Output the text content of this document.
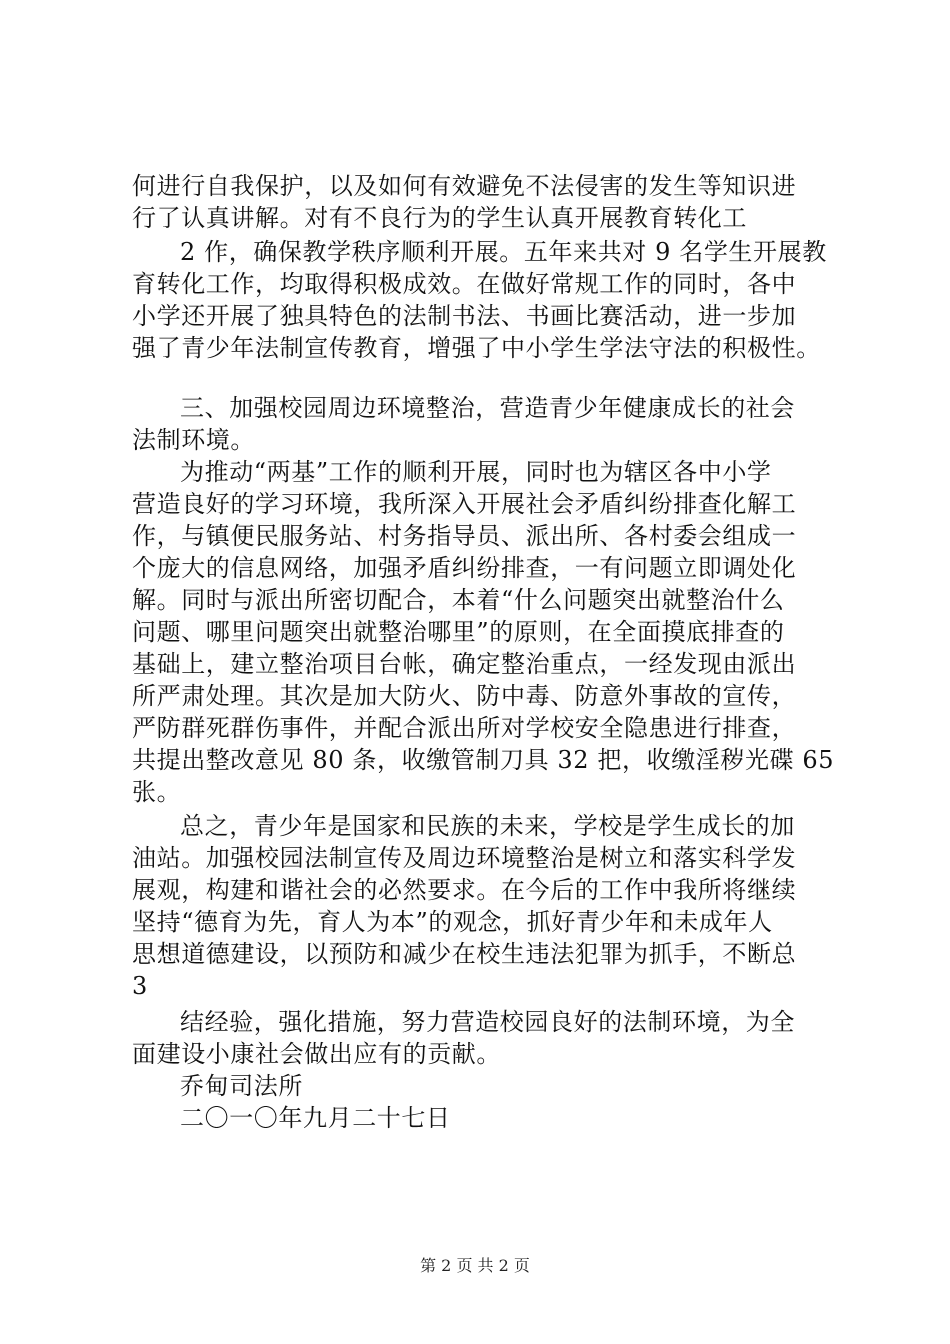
何进行自我保护，以及如何有效避免不法侵害的发生等知识进
行了认真讲解。对有不良行为的学生认真开展教育转化工
2 作，确保教学秩序顺利开展。五年来共对 9 名学生开展教
育转化工作，均取得积极成效。在做好常规工作的同时，各中
小学还开展了独具特色的法制书法、书画比赛活动，进一步加
强了青少年法制宣传教育，增强了中小学生学法守法的积极性。
三、加强校园周边环境整治，营造青少年健康成长的社会
法制环境。
为推动“两基”工作的顺利开展，同时也为辖区各中小学
营造良好的学习环境，我所深入开展社会矛盾纠纷排查化解工
作，与镇便民服务站、村务指导员、派出所、各村委会组成一
个庞大的信息网络，加强矛盾纠纷排查，一有问题立即调处化
解。同时与派出所密切配合，本着“什么问题突出就整治什么
问题、哪里问题突出就整治哪里”的原则，在全面摸底排查的
基础上，建立整治项目台帐，确定整治重点，一经发现由派出
所严肃处理。其次是加大防火、防中毒、防意外事故的宣传，
严防群死群伤事件，并配合派出所对学校安全隐患进行排查，
共提出整改意见 80 条，收缴管制刀具 32 把，收缴淫秽光碟 65
张。
总之，青少年是国家和民族的未来，学校是学生成长的加
油站。加强校园法制宣传及周边环境整治是树立和落实科学发
展观，构建和谐社会的必然要求。在今后的工作中我所将继续
坚持“德育为先，育人为本”的观念，抓好青少年和未成年人
思想道德建设，以预防和减少在校生违法犯罪为抓手，不断总
3
结经验，强化措施，努力营造校园良好的法制环境，为全
面建设小康社会做出应有的贡献。
乔甸司法所
二〇一〇年九月二十七日
第 2 页 共 2 页
